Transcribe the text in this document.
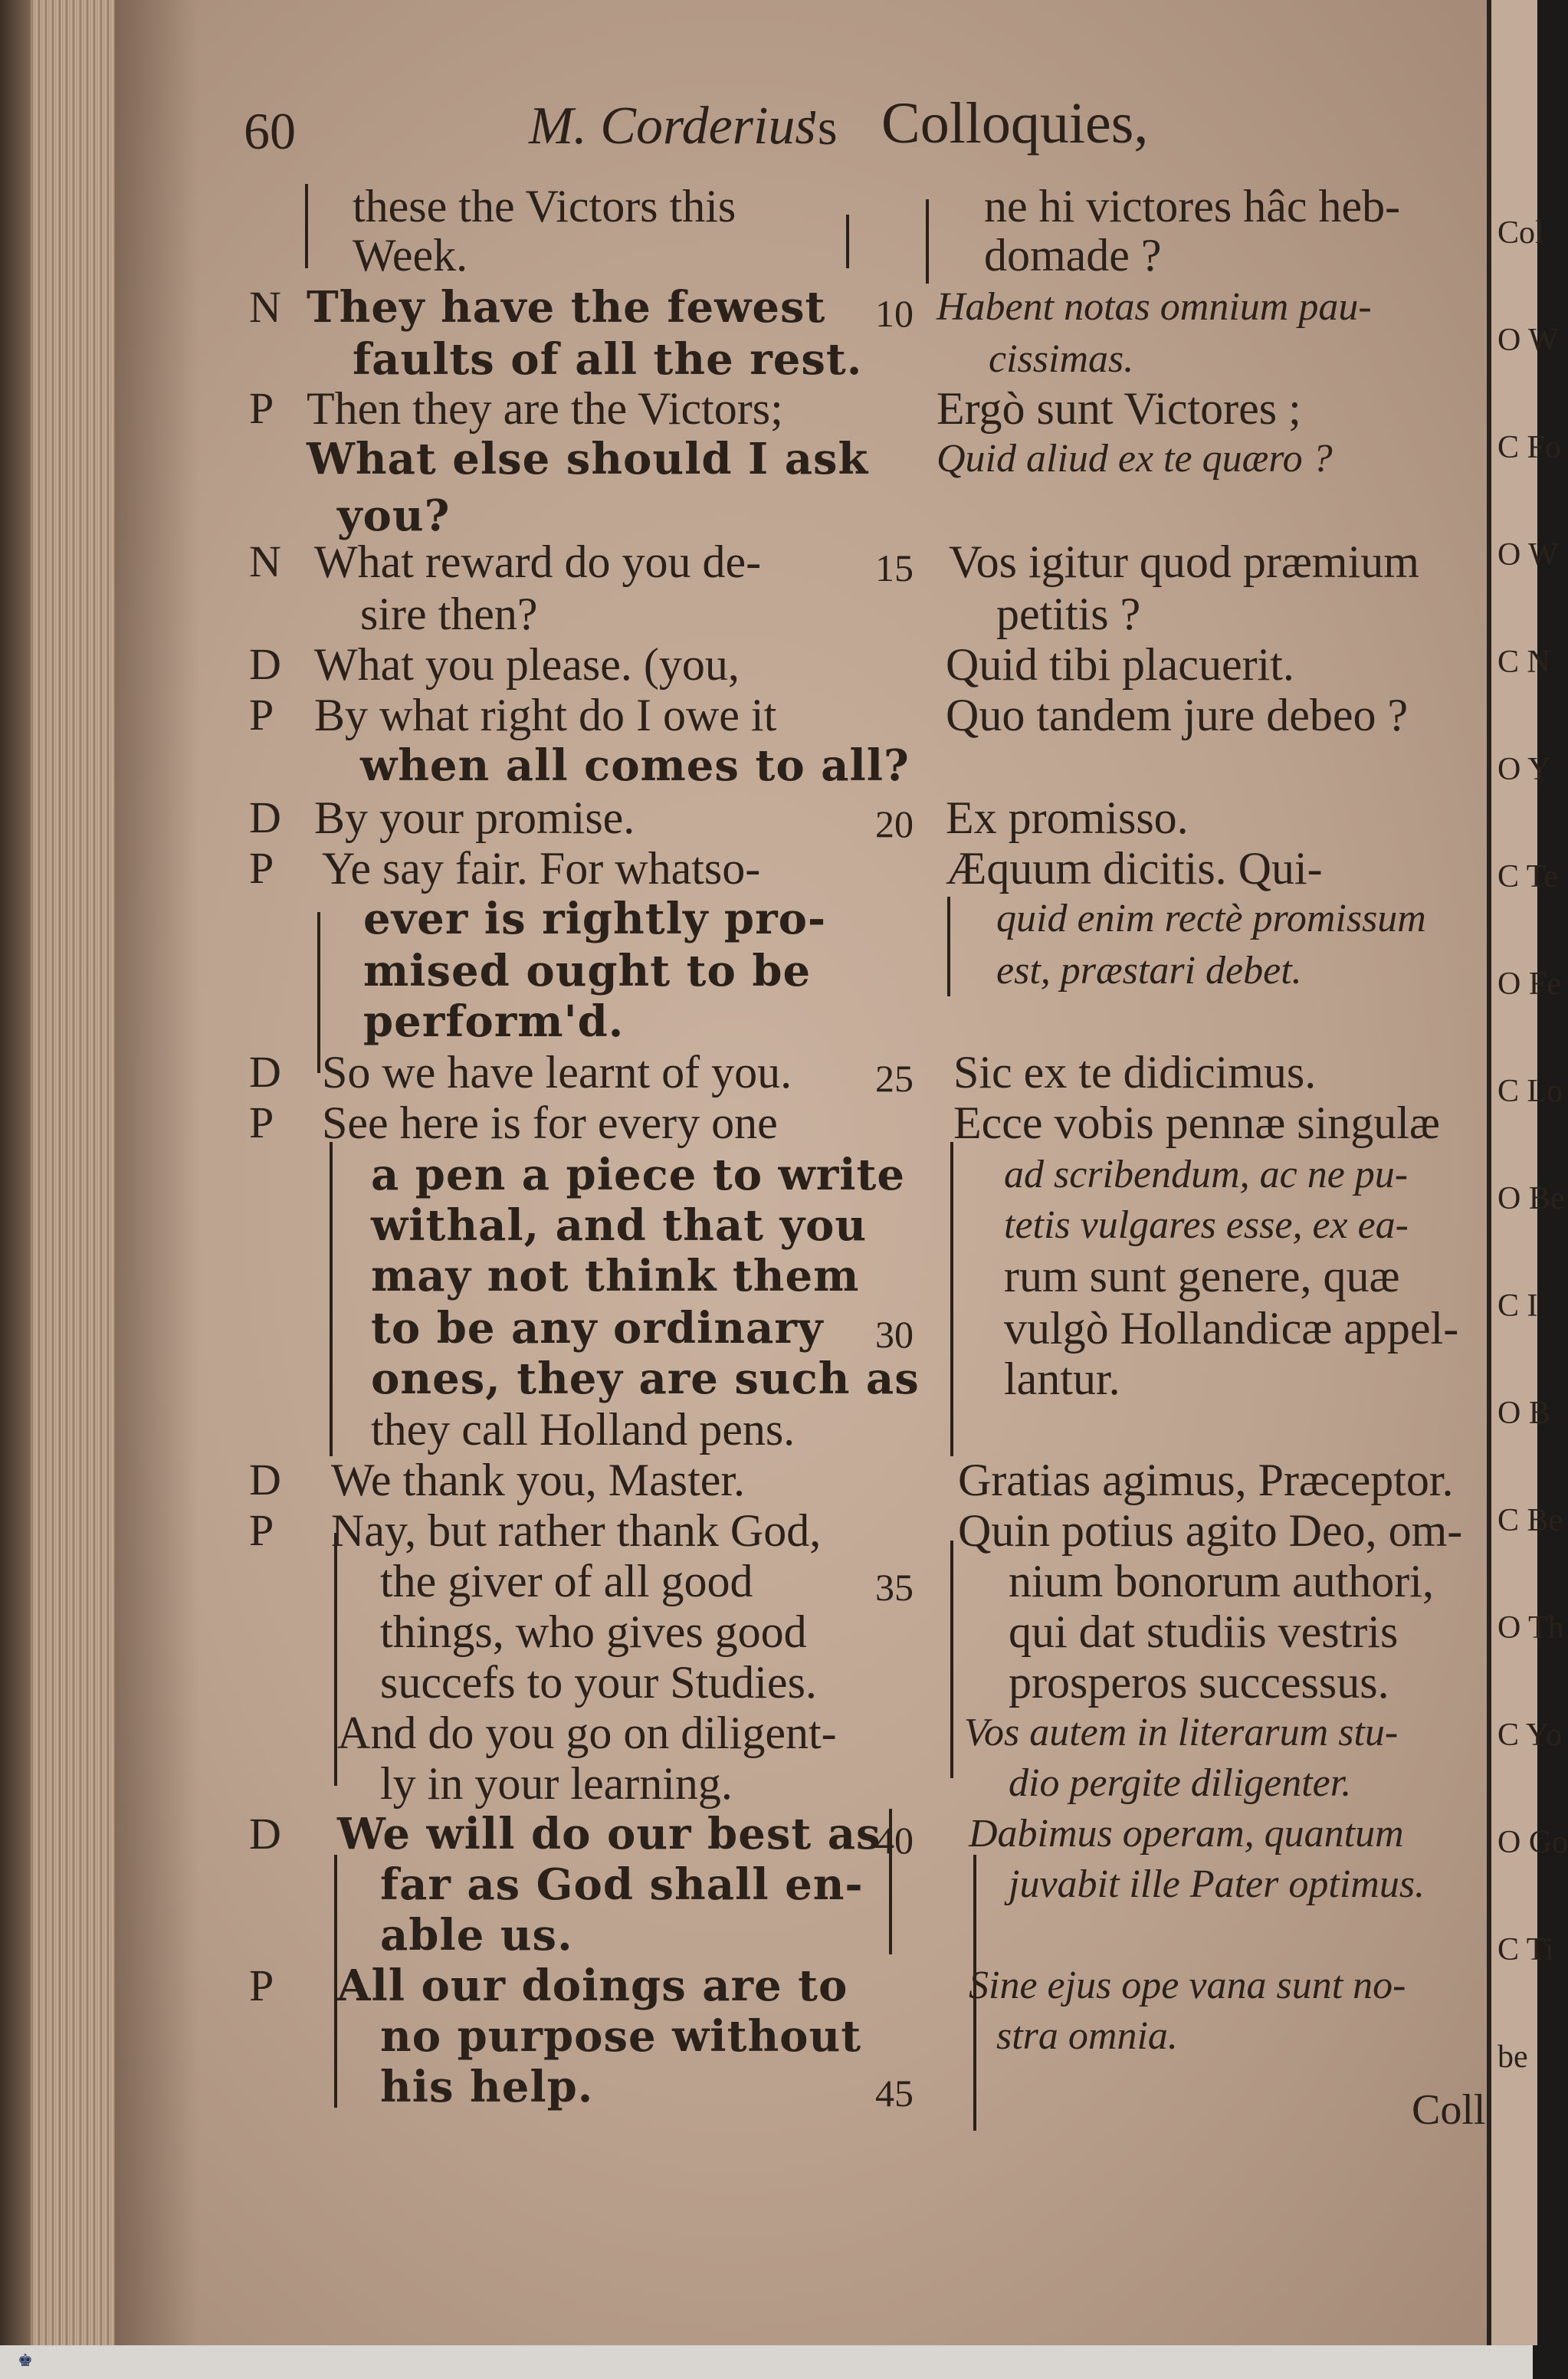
60	M. Corderius
's Colloquies,
these the Victors this
Week.
N They have the fewest
faults of all the rest.
P Then they are the Victors;
What else should I ask
you?
N What reward do you de-
sire then?
D What you please. (you,
P By what right do I owe it
when all comes to all?
D By your promise.
P Ye say fair. For whatso-
ever is rightly pro-
mised ought to be
perform'd.
D So we have learnt of you.
P See here is for every one
a pen a piece to write
withal, and that you
may not think them
to be any ordinary
ones, they are such as
they call Holland pens.
D We thank you, Master.
P Nay, but rather thank God,
the giver of all good
things, who gives good
succefs to your Studies.
And do you go on diligent-
ly in your learning.
D We will do our best as
far as God shall en-
able us.
P All our doings are to
no purpose without
his help.
10
15
20
25
30
35
40
45
ne hi victores hâc heb-
domade ?
Habent notas omnium pau-
cissimas.
Ergò sunt Victores ;
Quid aliud ex te quæro ?
Vos igitur quod præmium
petitis ?
Quid tibi placuerit.
Quo tandem jure debeo ?
Ex promisso.
Æquum dicitis. Qui-
quid enim rectè promissum
est, præstari debet.
Sic ex te didicimus.
Ecce vobis pennæ singulæ
ad scribendum, ac ne pu-
tetis vulgares esse, ex ea-
rum sunt genere, quæ
vulgò Hollandicæ appel-
lantur.
Gratias agimus, Præceptor.
Quin potius agito Deo, om-
nium bonorum authori,
qui dat studiis vestris
prosperos successus.
Vos autem in literarum stu-
dio pergite diligenter.
Dabimus operam, quantum
juvabit ille Pater optimus.
Sine ejus ope vana sunt no-
stra omnia.
Coll
Col
O W
C Fo
O W
C N
O Y
C Te
O Fe
C Lo
O Be
C I
O B
C Be
O Th
C Yo
O Go
C Ti
be
♚
